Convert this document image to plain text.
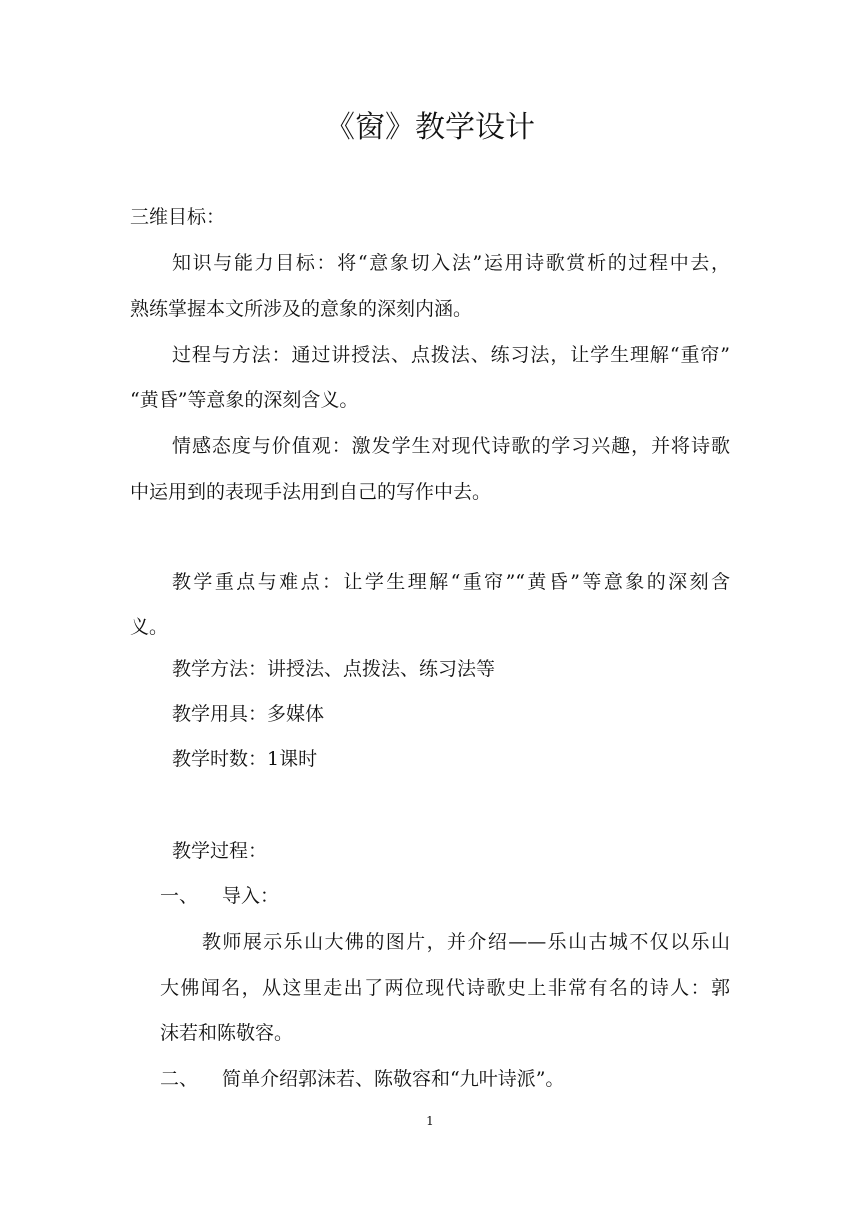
《窗》教学设计

三维目标：

知识与能力目标：将“意象切入法”运用诗歌赏析的过程中去，

熟练掌握本文所涉及的意象的深刻内涵。

过程与方法：通过讲授法、点拨法、练习法，让学生理解“重帘”

“黄昏”等意象的深刻含义。

情感态度与价值观：激发学生对现代诗歌的学习兴趣，并将诗歌

中运用到的表现手法用到自己的写作中去。

教学重点与难点：让学生理解“重帘”“黄昏”等意象的深刻含

义。

教学方法：讲授法、点拨法、练习法等

教学用具：多媒体

教学时数：1课时

教学过程：

一、 导入：

教师展示乐山大佛的图片，并介绍——乐山古城不仅以乐山

大佛闻名，从这里走出了两位现代诗歌史上非常有名的诗人：郭

沫若和陈敬容。

二、 简单介绍郭沫若、陈敬容和“九叶诗派”。

1
